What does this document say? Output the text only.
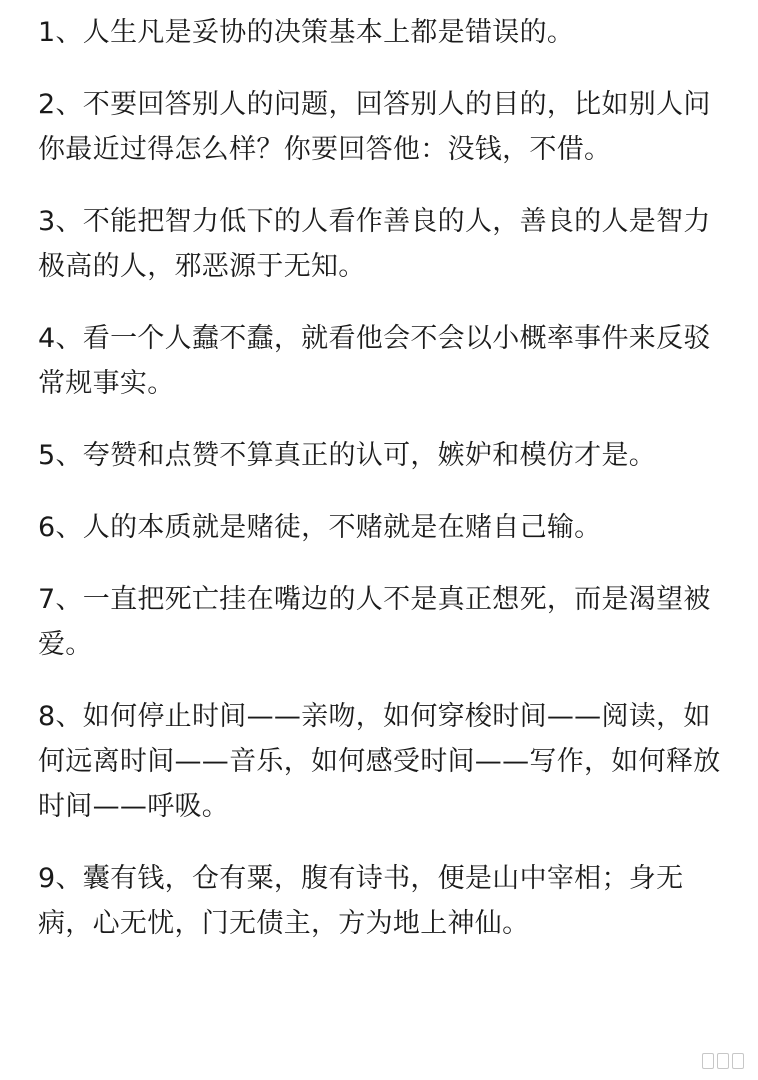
1、人生凡是妥协的决策基本上都是错误的。

2、不要回答别人的问题，回答别人的目的，比如别人问你最近过得怎么样？你要回答他：没钱，不借。

3、不能把智力低下的人看作善良的人，善良的人是智力极高的人，邪恶源于无知。

4、看一个人蠢不蠢，就看他会不会以小概率事件来反驳常规事实。

5、夸赞和点赞不算真正的认可，嫉妒和模仿才是。

6、人的本质就是赌徒，不赌就是在赌自己输。

7、一直把死亡挂在嘴边的人不是真正想死，而是渴望被爱。

8、如何停止时间——亲吻，如何穿梭时间——阅读，如何远离时间——音乐，如何感受时间——写作，如何释放时间——呼吸。

9、囊有钱，仓有粟，腹有诗书，便是山中宰相；身无病，心无忧，门无债主，方为地上神仙。
